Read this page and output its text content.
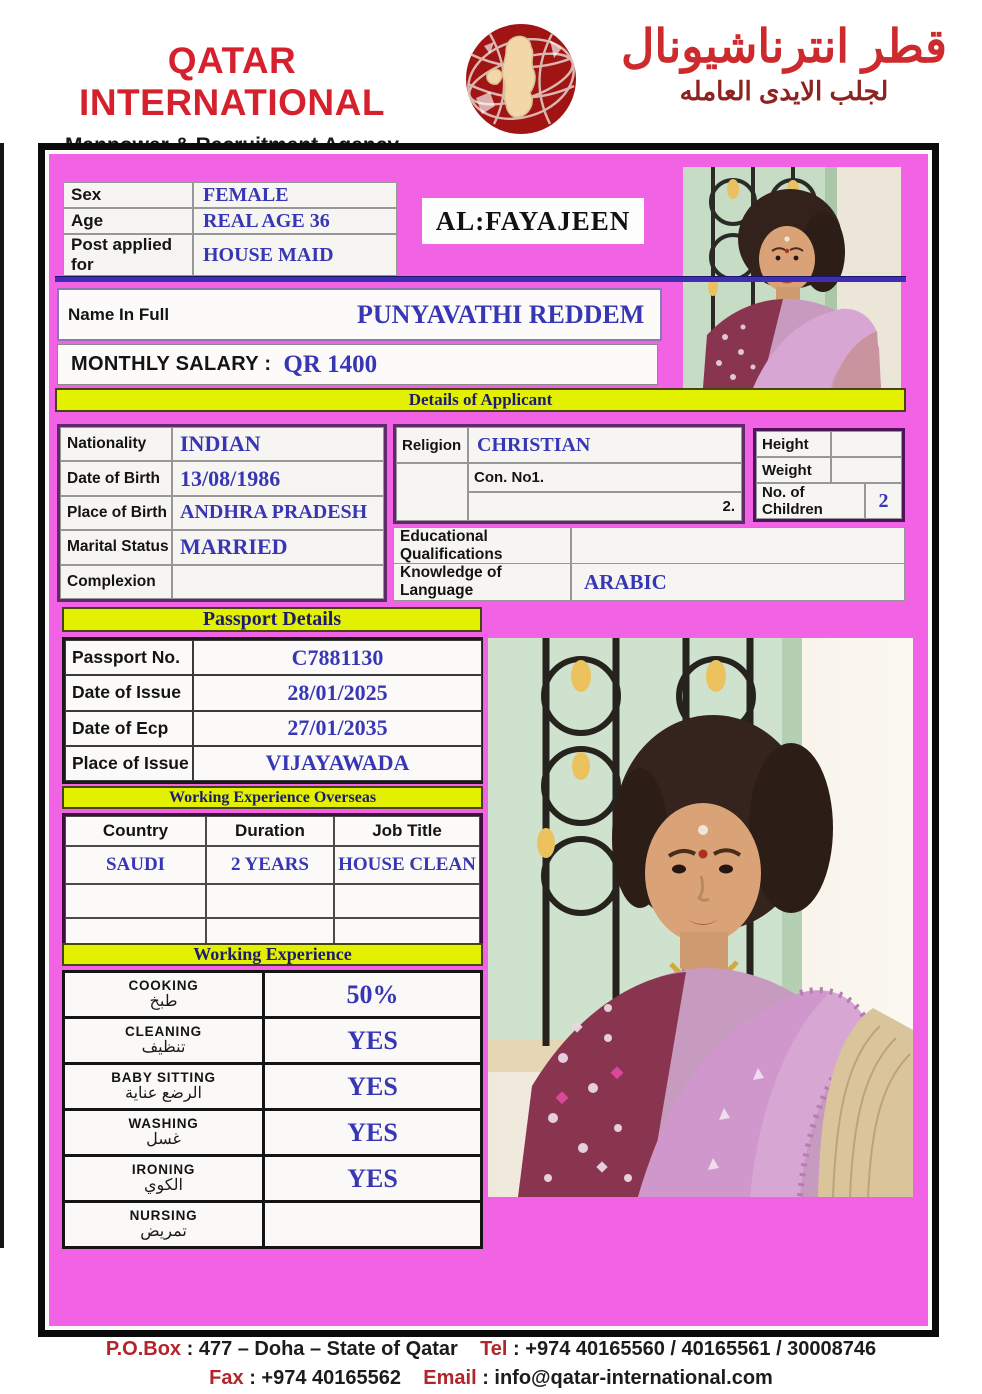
QATAR INTERNATIONAL
قطر انترناشيونال
لجلب الايدى العامله
Sex	FEMALE
Age	REAL AGE 36
Post applied for	HOUSE MAID
AL:FAYAJEEN
Name In Full	PUNYAVATHI REDDEM
MONTHLY SALARY : QR 1400
Details of Applicant
Nationality	INDIAN
Date of Birth 13/08/1986
Place of Birth ANDHRA PRADESH
Marital Status MARRIED
Complexion
Religion CHRISTIAN
Con. No1.
2.
Educational Qualifications
Knowledge of Language	ARABIC
Height
Weight
No. of Children	2
Passport Details
Passport No.	C7881130
Date of Issue	28/01/2025
Date of Ecp	27/01/2035
Place of Issue	VIJAYAWADA
Working Experience Overseas
Country	Duration	Job Title
SAUDI	2 YEARS	HOUSE CLEAN
Working Experience
COOKING
طبخ	50%

CLEANING
تنظيف	YES

BABY SITTING
الرضع عناية	YES

WASHING
غسل	YES

IRONING
الكوي	YES

NURSING
تمريض	

P.O.Box : 477 – Doha – State of Qatar Tel : +974 40165560 / 40165561 / 30008746
Fax : +974 40165562 Email : info@qatar-international.com
